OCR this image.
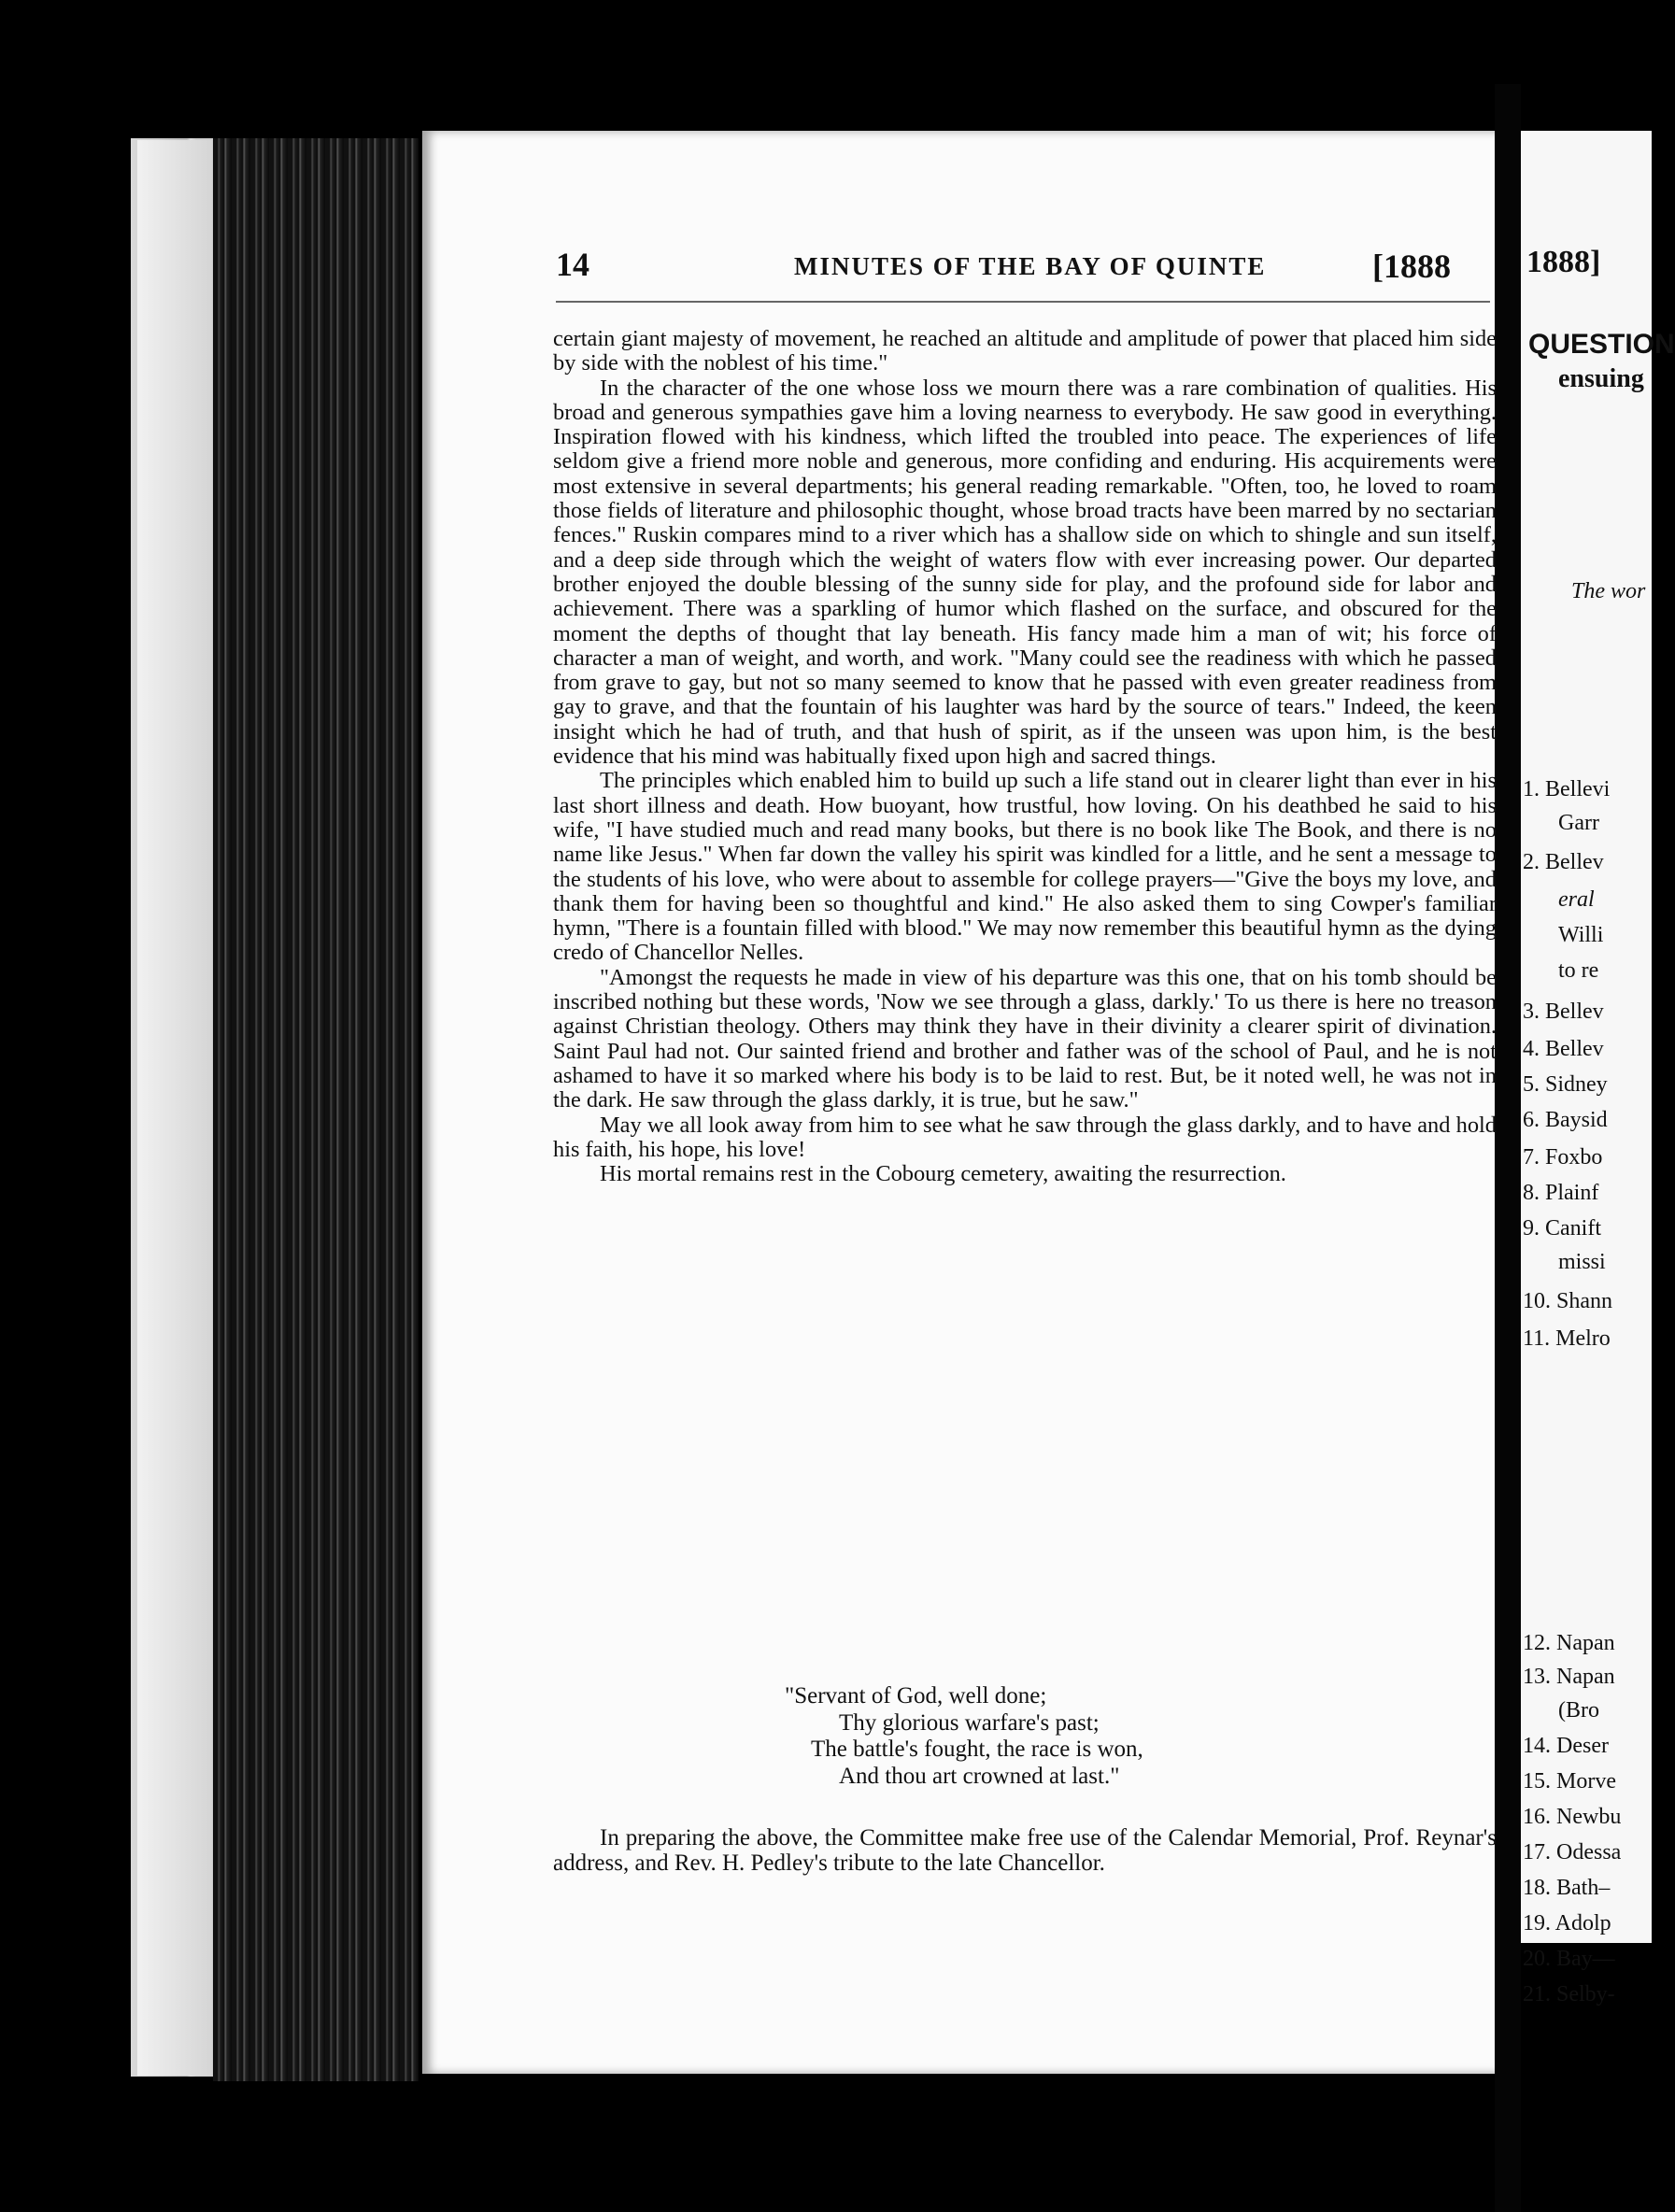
14	MINUTES OF THE BAY OF QUINTE	[1888

certain giant majesty of movement, he reached an altitude and amplitude of power that placed him side by side with the noblest of his time."

In the character of the one whose loss we mourn there was a rare combination of qualities. His broad and generous sympathies gave him a loving nearness to everybody. He saw good in everything. Inspiration flowed with his kindness, which lifted the troubled into peace. The experiences of life seldom give a friend more noble and generous, more confiding and enduring. His acquirements were most extensive in several departments; his general reading remarkable. "Often, too, he loved to roam those fields of literature and philosophic thought, whose broad tracts have been marred by no sectarian fences." Ruskin compares mind to a river which has a shallow side on which to shingle and sun itself, and a deep side through which the weight of waters flow with ever increasing power. Our departed brother enjoyed the double blessing of the sunny side for play, and the profound side for labor and achievement. There was a sparkling of humor which flashed on the surface, and obscured for the moment the depths of thought that lay beneath. His fancy made him a man of wit; his force of character a man of weight, and worth, and work. "Many could see the readiness with which he passed from grave to gay, but not so many seemed to know that he passed with even greater readiness from gay to grave, and that the fountain of his laughter was hard by the source of tears." Indeed, the keen insight which he had of truth, and that hush of spirit, as if the unseen was upon him, is the best evidence that his mind was habitually fixed upon high and sacred things.

The principles which enabled him to build up such a life stand out in clearer light than ever in his last short illness and death. How buoyant, how trustful, how loving. On his deathbed he said to his wife, "I have studied much and read many books, but there is no book like The Book, and there is no name like Jesus." When far down the valley his spirit was kindled for a little, and he sent a message to the students of his love, who were about to assemble for college prayers—"Give the boys my love, and thank them for having been so thoughtful and kind." He also asked them to sing Cowper's familiar hymn, "There is a fountain filled with blood." We may now remember this beautiful hymn as the dying credo of Chancellor Nelles.

"Amongst the requests he made in view of his departure was this one, that on his tomb should be inscribed nothing but these words, 'Now we see through a glass, darkly.' To us there is here no treason against Christian theology. Others may think they have in their divinity a clearer spirit of divination. Saint Paul had not. Our sainted friend and brother and father was of the school of Paul, and he is not ashamed to have it so marked where his body is to be laid to rest. But, be it noted well, he was not in the dark. He saw through the glass darkly, it is true, but he saw."

May we all look away from him to see what he saw through the glass darkly, and to have and hold his faith, his hope, his love!

His mortal remains rest in the Cobourg cemetery, awaiting the resurrection.

"Servant of God, well done;
Thy glorious warfare's past;
The battle's fought, the race is won,
And thou art crowned at last."

In preparing the above, the Committee make free use of the Calendar Memorial, Prof. Reynar's address, and Rev. H. Pedley's tribute to the late Chancellor.

1888]
QUESTION
ensuing
The wor
1. Bellevi
Garr
2. Bellev
eral
Willi
to re
3. Bellev
4. Bellev
5. Sidney
6. Baysid
7. Foxbo
8. Plainf
9. Canift
missi
10. Shann
11. Melro
12. Napan
13. Napan
(Bro
14. Deser
15. Morve
16. Newbu
17. Odessa
18. Bath–
19. Adolp
20. Bay—
21. Selby-
